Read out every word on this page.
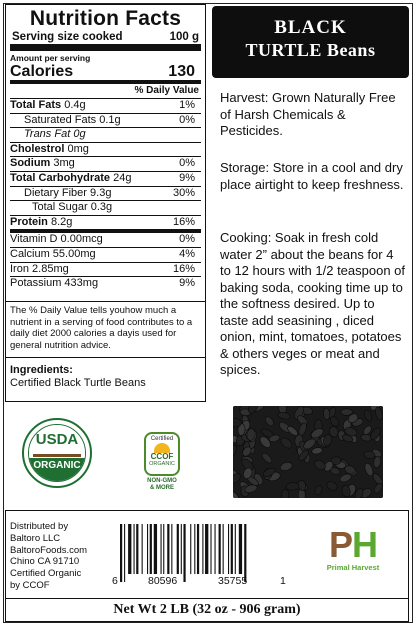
Nutrition Facts
Serving size cooked	100 g
Amount per serving
Calories	130
% Daily Value
Total Fats 0.4g	1%
Saturated Fats 0.1g	0%
Trans Fat 0g
Cholestrol 0mg
Sodium 3mg	0%
Total Carbohydrate 24g	9%
Dietary Fiber 9.3g	30%
Total Sugar 0.3g
Protein 8.2g	16%
Vitamin D 0.00mcg	0%
Calcium 55.00mg	4%
Iron 2.85mg	16%
Potassium 433mg	9%
The % Daily Value tells youhow much a nutrient in a serving of food contributes to a daily diet 2000 calories a dayis used for general nutrition advice.
Ingredients:
Certified Black Turtle Beans
USDA
ORGANIC
Certified
CCOF
ORGANIC
NON-GMO
& MORE
BLACK
TURTLE Beans
Harvest: Grown Naturally Free of Harsh Chemicals & Pesticides.
Storage: Store in a cool and dry place airtight to keep freshness.
Cooking: Soak in fresh cold water 2” about the beans for 4 to 12 hours with 1/2 teaspoon of baking soda, cooking time up to the softness desired. Up to taste add seasining , diced onion, mint, tomatoes, potatoes & others veges or meat and spices.
Distributed by
Baltoro LLC
BaltoroFoods.com
Chino CA 91710
Certified Organic
by CCOF	6	80596	35755	1
PH
Primal Harvest
Net Wt 2 LB (32 oz - 906 gram)
